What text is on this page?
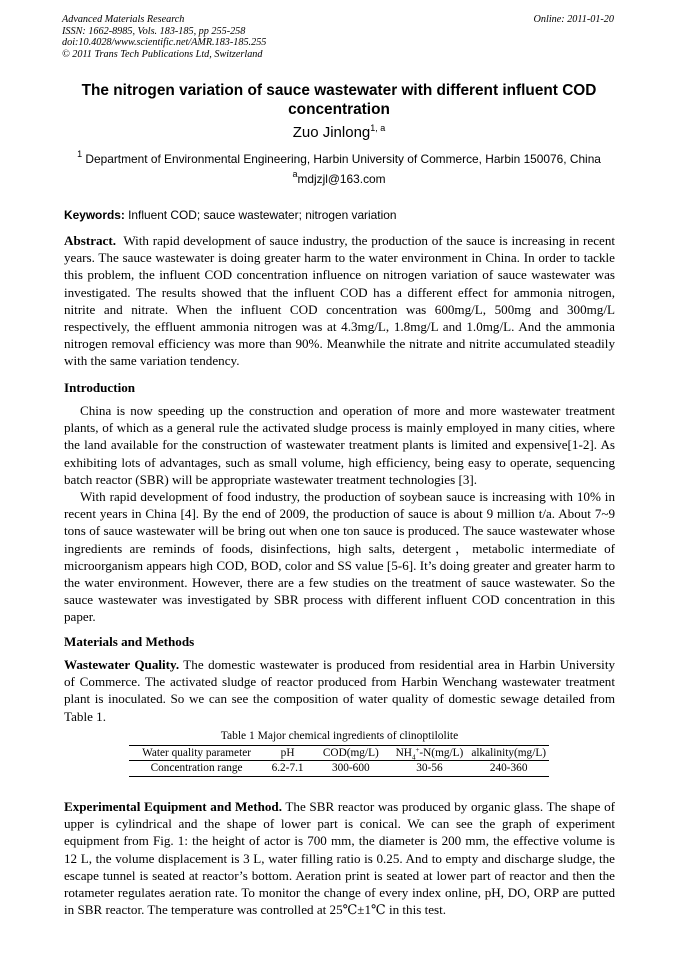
Advanced Materials Research
ISSN: 1662-8985, Vols. 183-185, pp 255-258
doi:10.4028/www.scientific.net/AMR.183-185.255
© 2011 Trans Tech Publications Ltd, Switzerland
Online: 2011-01-20
The nitrogen variation of sauce wastewater with different influent COD concentration
Zuo Jinlong$^{1, a}$
$^1$ Department of Environmental Engineering, Harbin University of Commerce, Harbin 150076, China
$^a$mdjzjl@163.com
Keywords: Influent COD; sauce wastewater; nitrogen variation
Abstract. With rapid development of sauce industry, the production of the sauce is increasing in recent years. The sauce wastewater is doing greater harm to the water environment in China. In order to tackle this problem, the influent COD concentration influence on nitrogen variation of sauce wastewater was investigated. The results showed that the influent COD has a different effect for ammonia nitrogen, nitrite and nitrate. When the influent COD concentration was 600mg/L, 500mg and 300mg/L respectively, the effluent ammonia nitrogen was at 4.3mg/L, 1.8mg/L and 1.0mg/L. And the ammonia nitrogen removal efficiency was more than 90%. Meanwhile the nitrate and nitrite accumulated steadily with the same variation tendency.
Introduction
China is now speeding up the construction and operation of more and more wastewater treatment plants, of which as a general rule the activated sludge process is mainly employed in many cities, where the land available for the construction of wastewater treatment plants is limited and expensive[1-2]. As exhibiting lots of advantages, such as small volume, high efficiency, being easy to operate, sequencing batch reactor (SBR) will be appropriate wastewater treatment technologies [3].
With rapid development of food industry, the production of soybean sauce is increasing with 10% in recent years in China [4]. By the end of 2009, the production of sauce is about 9 million t/a. About 7~9 tons of sauce wastewater will be bring out when one ton sauce is produced. The sauce wastewater whose ingredients are reminds of foods, disinfections, high salts, detergent，metabolic intermediate of microorganism appears high COD, BOD, color and SS value [5-6]. It’s doing greater and greater harm to the water environment. However, there are a few studies on the treatment of sauce wastewater. So the sauce wastewater was investigated by SBR process with different influent COD concentration in this paper.
Materials and Methods
Wastewater Quality. The domestic wastewater is produced from residential area in Harbin University of Commerce. The activated sludge of reactor produced from Harbin Wenchang wastewater treatment plant is inoculated. So we can see the composition of water quality of domestic sewage detailed from Table 1.
Table 1 Major chemical ingredients of clinoptilolite
Water quality parameter	pH	COD(mg/L)	$NH_4^+-N(mg/L)$	alkalinity(mg/L)
Concentration range	6.2-7.1	300-600	30-56	240-360
Experimental Equipment and Method. The SBR reactor was produced by organic glass. The shape of upper is cylindrical and the shape of lower part is conical. We can see the graph of experiment equipment from Fig. 1: the height of actor is 700 mm, the diameter is 200 mm, the effective volume is 12 L, the volume displacement is 3 L, water filling ratio is 0.25. And to empty and discharge sludge, the escape tunnel is seated at reactor’s bottom. Aeration print is seated at lower part of reactor and then the rotameter regulates aeration rate. To monitor the change of every index online, pH, DO, ORP are putted in SBR reactor. The temperature was controlled at 25℃±1℃ in this test.
